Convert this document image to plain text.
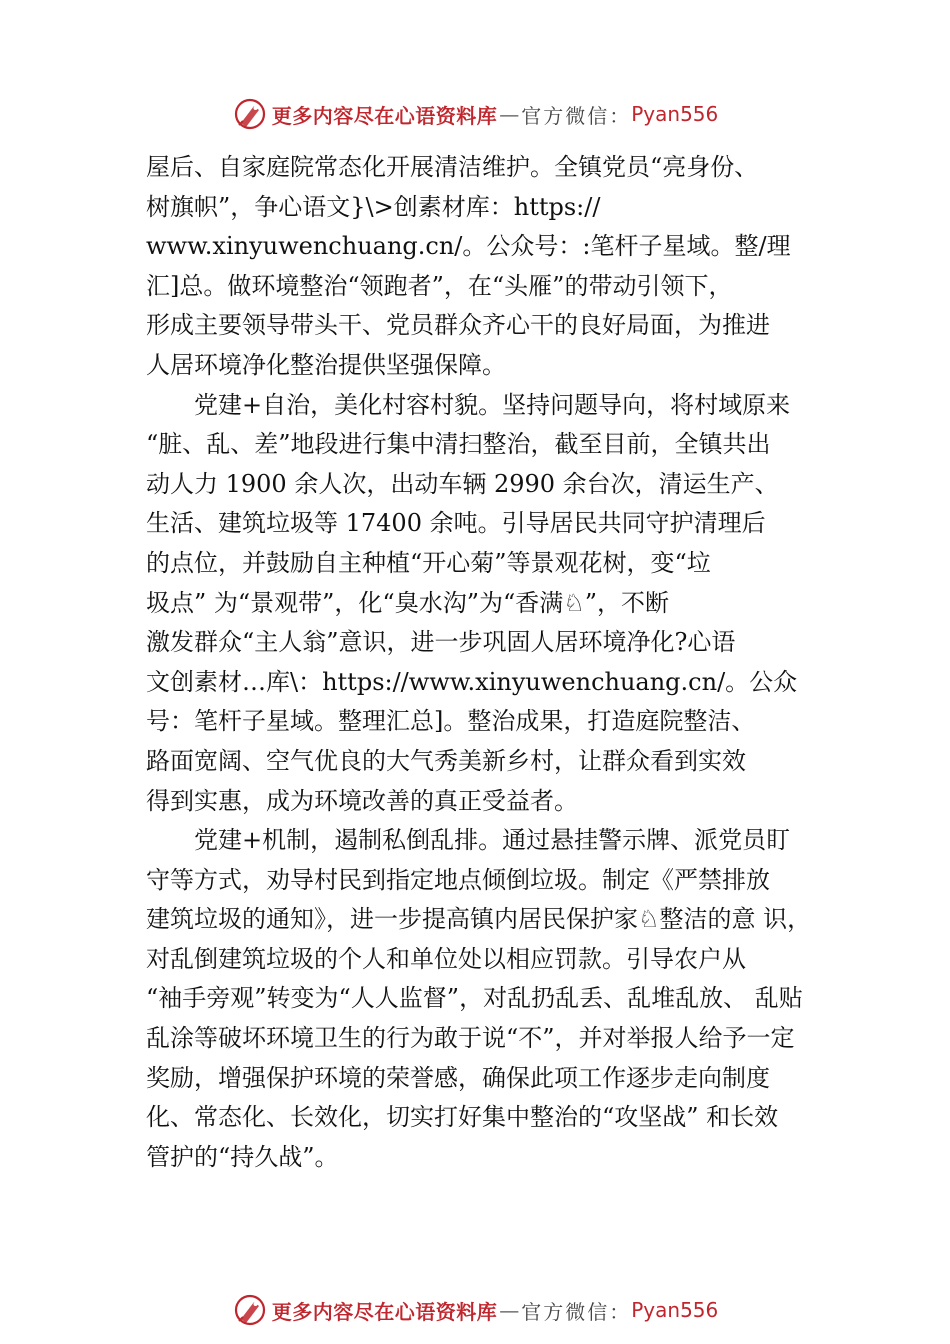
更多内容尽在心语资料库 — 官方微信： Pyan556
屋后、自家庭院常态化开展清洁维护。全镇党员“亮身份、
树旗帜”，争心语文}\>创素材库：https://
www.xinyuwenchuang.cn/。公众号：:笔杆子星域。整/理
汇]总。做环境整治“领跑者”，在“头雁”的带动引领下，
形成主要领导带头干、党员群众齐心干的良好局面，为推进
人居环境净化整治提供坚强保障。
党建+自治，美化村容村貌。坚持问题导向，将村域原来
“脏、乱、差”地段进行集中清扫整治，截至目前，全镇共出
动人力 1900 余人次，出动车辆 2990 余台次，清运生产、
生活、建筑垃圾等 17400 余吨。引导居民共同守护清理后
的点位，并鼓励自主种植“开心菊”等景观花树，变“垃
圾点” 为“景观带”，化“臭水沟”为“香满♘”，不断
激发群众“主人翁”意识，进一步巩固人居环境净化?心语
文创素材…库\：https://www.xinyuwenchuang.cn/。公众
号：笔杆子星域。整理汇总]。整治成果，打造庭院整洁、
路面宽阔、空气优良的大气秀美新乡村，让群众看到实效
得到实惠，成为环境改善的真正受益者。
党建+机制，遏制私倒乱排。通过悬挂警示牌、派党员盯
守等方式，劝导村民到指定地点倾倒垃圾。制定《严禁排放
建筑垃圾的通知》，进一步提高镇内居民保护家♘整洁的意 识，
对乱倒建筑垃圾的个人和单位处以相应罚款。引导农户从
“袖手旁观”转变为“人人监督”，对乱扔乱丢、乱堆乱放、 乱贴
乱涂等破坏环境卫生的行为敢于说“不”，并对举报人给予一定
奖励，增强保护环境的荣誉感，确保此项工作逐步走向制度
化、常态化、长效化，切实打好集中整治的“攻坚战” 和长效
管护的“持久战”。
更多内容尽在心语资料库 — 官方微信： Pyan556
